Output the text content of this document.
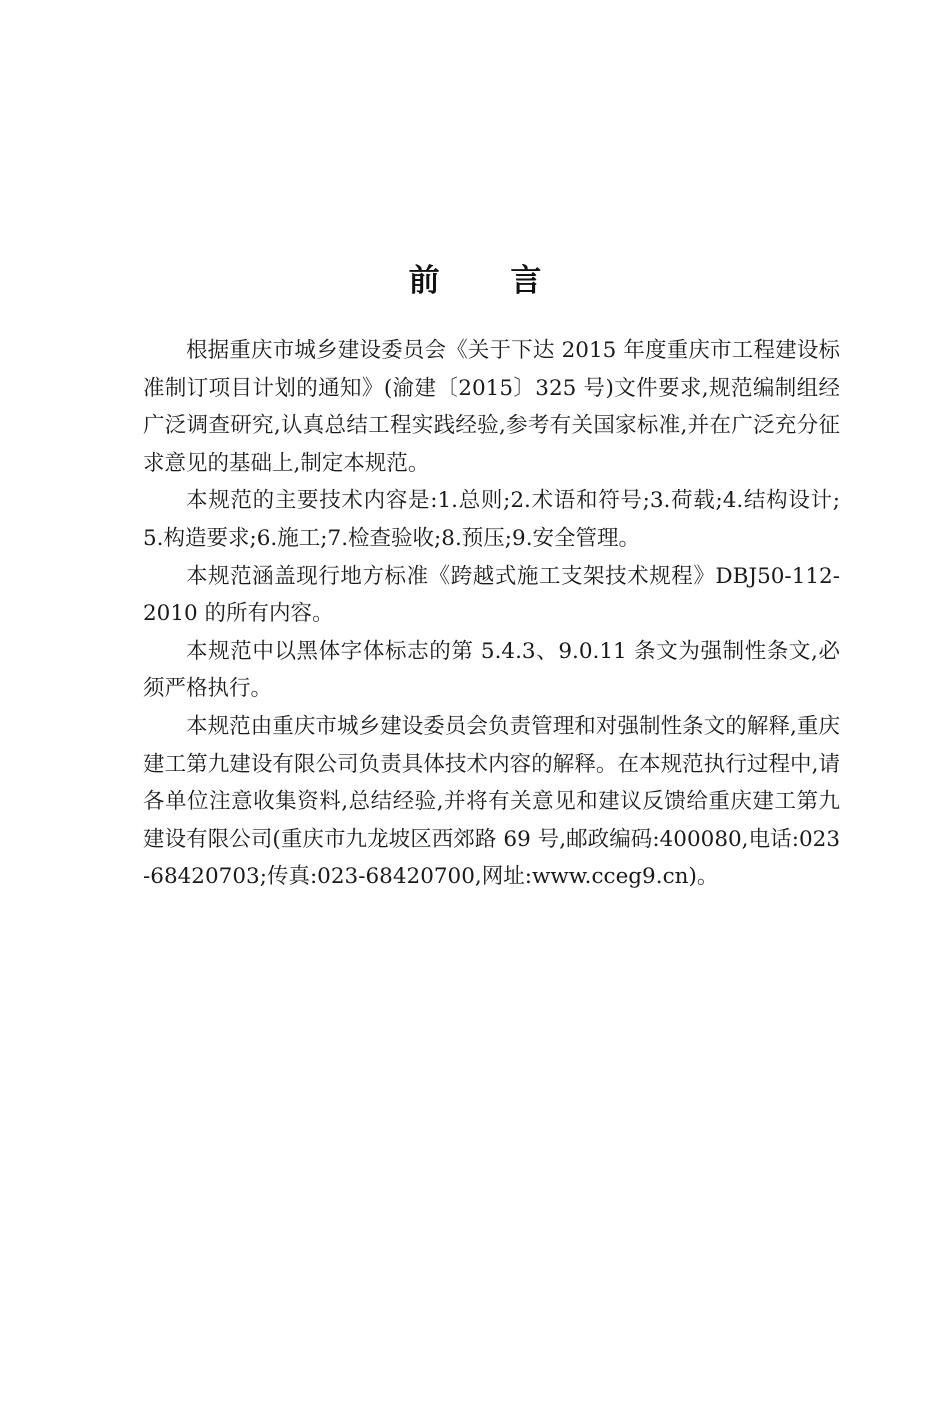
前 言

根据重庆市城乡建设委员会《关于下达 2015 年度重庆市工程建设标准制订项目计划的通知》(渝建〔2015〕325 号)文件要求,规范编制组经广泛调查研究,认真总结工程实践经验,参考有关国家标准,并在广泛充分征求意见的基础上,制定本规范。

本规范的主要技术内容是:1.总则;2.术语和符号;3.荷载;4.结构设计;5.构造要求;6.施工;7.检查验收;8.预压;9.安全管理。

本规范涵盖现行地方标准《跨越式施工支架技术规程》DBJ50-112-2010 的所有内容。

本规范中以黑体字体标志的第 5.4.3、9.0.11 条文为强制性条文,必须严格执行。

本规范由重庆市城乡建设委员会负责管理和对强制性条文的解释,重庆建工第九建设有限公司负责具体技术内容的解释。在本规范执行过程中,请各单位注意收集资料,总结经验,并将有关意见和建议反馈给重庆建工第九建设有限公司(重庆市九龙坡区西郊路 69 号,邮政编码:400080,电话:023-68420703;传真:023-68420700,网址:www.cceg9.cn)。
